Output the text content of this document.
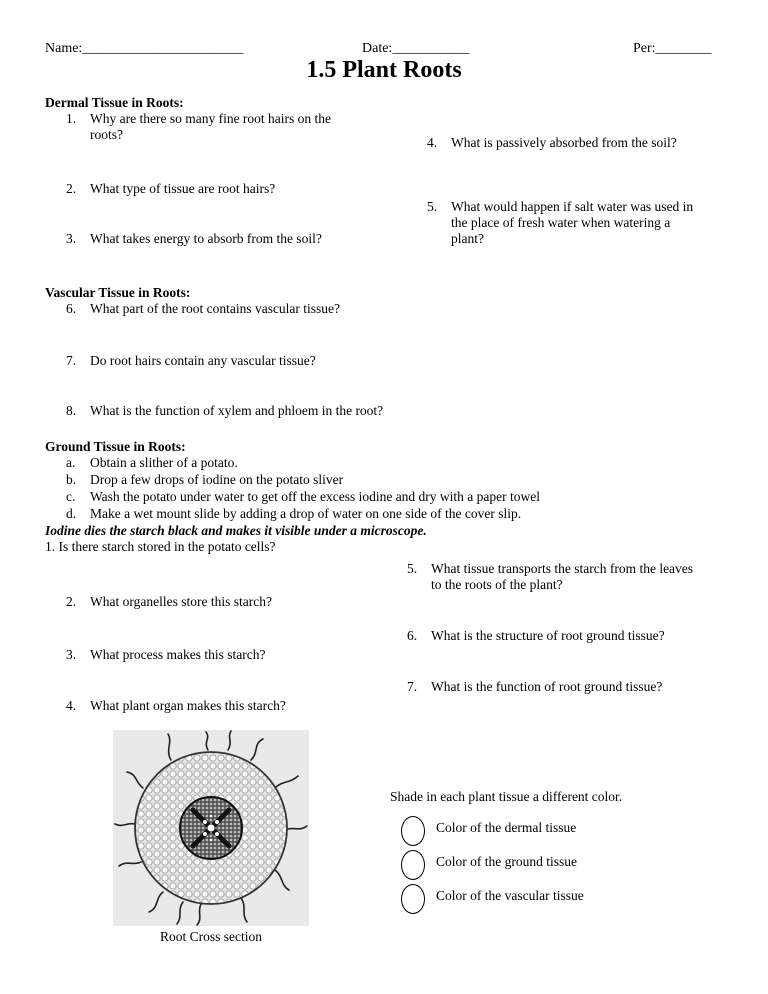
Name:_______________________	Date:___________	Per:________
1.5 Plant Roots
Dermal Tissue in Roots:
1. Why are there so many fine root hairs on the
roots?
2. What type of tissue are root hairs?
3. What takes energy to absorb from the soil?
4. What is passively absorbed from the soil?
5. What would happen if salt water was used in
the place of fresh water when watering a
plant?
Vascular Tissue in Roots:
6. What part of the root contains vascular tissue?
7. Do root hairs contain any vascular tissue?
8. What is the function of xylem and phloem in the root?
Ground Tissue in Roots:
a. Obtain a slither of a potato.
b. Drop a few drops of iodine on the potato sliver
c. Wash the potato under water to get off the excess iodine and dry with a paper towel
d. Make a wet mount slide by adding a drop of water on one side of the cover slip.
Iodine dies the starch black and makes it visible under a microscope.
1. Is there starch stored in the potato cells?
2. What organelles store this starch?
3. What process makes this starch?
4. What plant organ makes this starch?
5. What tissue transports the starch from the leaves
to the roots of the plant?
6. What is the structure of root ground tissue?
7. What is the function of root ground tissue?
Root Cross section
Shade in each plant tissue a different color.
Color of the dermal tissue
Color of the ground tissue
Color of the vascular tissue
